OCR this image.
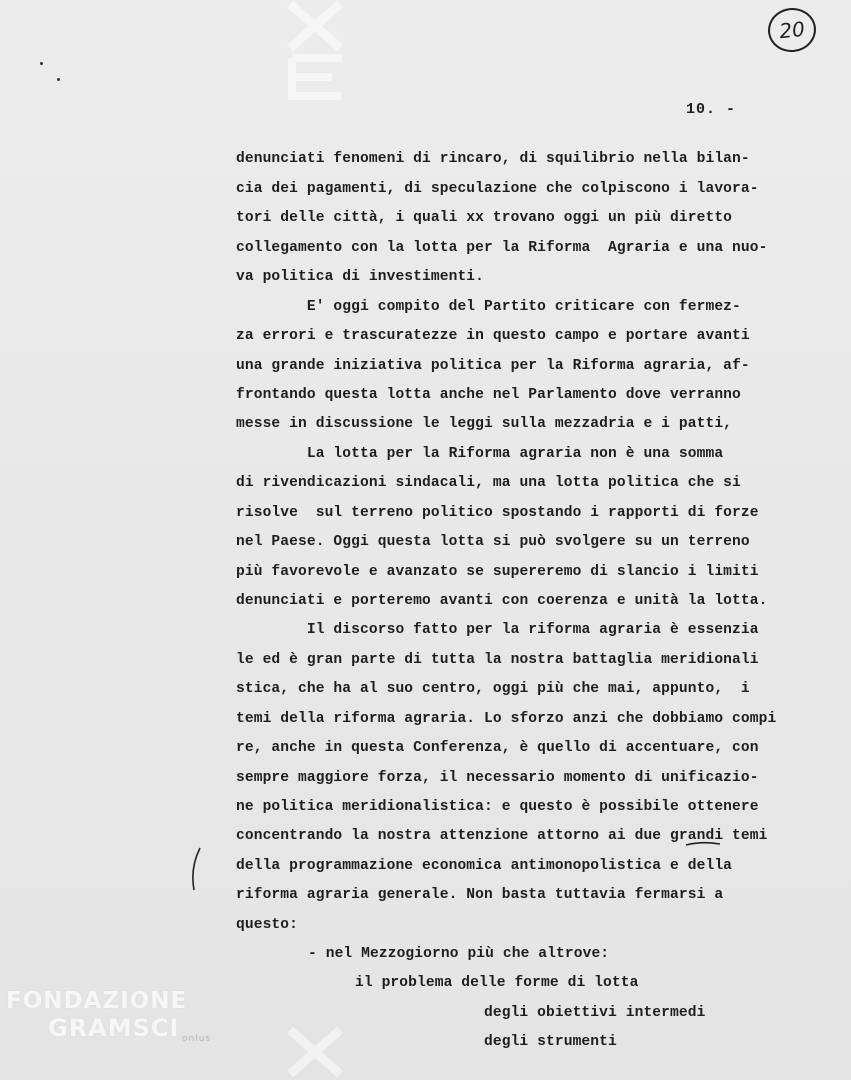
20
10. -
denunciati fenomeni di rincaro, di squilibrio nella bilan-
cia dei pagamenti, di speculazione che colpiscono i lavora-
tori delle città, i quali xx trovano oggi un più diretto
collegamento con la lotta per la Riforma  Agraria e una nuo-
va politica di investimenti.
E' oggi compito del Partito criticare con fermez-
za errori e trascuratezze in questo campo e portare avanti
una grande iniziativa politica per la Riforma agraria, af-
frontando questa lotta anche nel Parlamento dove verranno
messe in discussione le leggi sulla mezzadria e i patti,
La lotta per la Riforma agraria non è una somma
di rivendicazioni sindacali, ma una lotta politica che si
risolve  sul terreno politico spostando i rapporti di forze
nel Paese. Oggi questa lotta si può svolgere su un terreno
più favorevole e avanzato se supereremo di slancio i limiti
denunciati e porteremo avanti con coerenza e unità la lotta.
Il discorso fatto per la riforma agraria è essenzia
le ed è gran parte di tutta la nostra battaglia meridionali
stica, che ha al suo centro, oggi più che mai, appunto,  i
temi della riforma agraria. Lo sforzo anzi che dobbiamo compi
re, anche in questa Conferenza, è quello di accentuare, con
sempre maggiore forza, il necessario momento di unificazio-
ne politica meridionalistica: e questo è possibile ottenere
concentrando la nostra attenzione attorno ai due grandi temi
della programmazione economica antimonopolistica e della
riforma agraria generale. Non basta tuttavia fermarsi a
questo:
- nel Mezzogiorno più che altrove:
il problema delle forme di lotta
degli obiettivi intermedi
degli strumenti
FONDAZIONE
GRAMSCI onlus
